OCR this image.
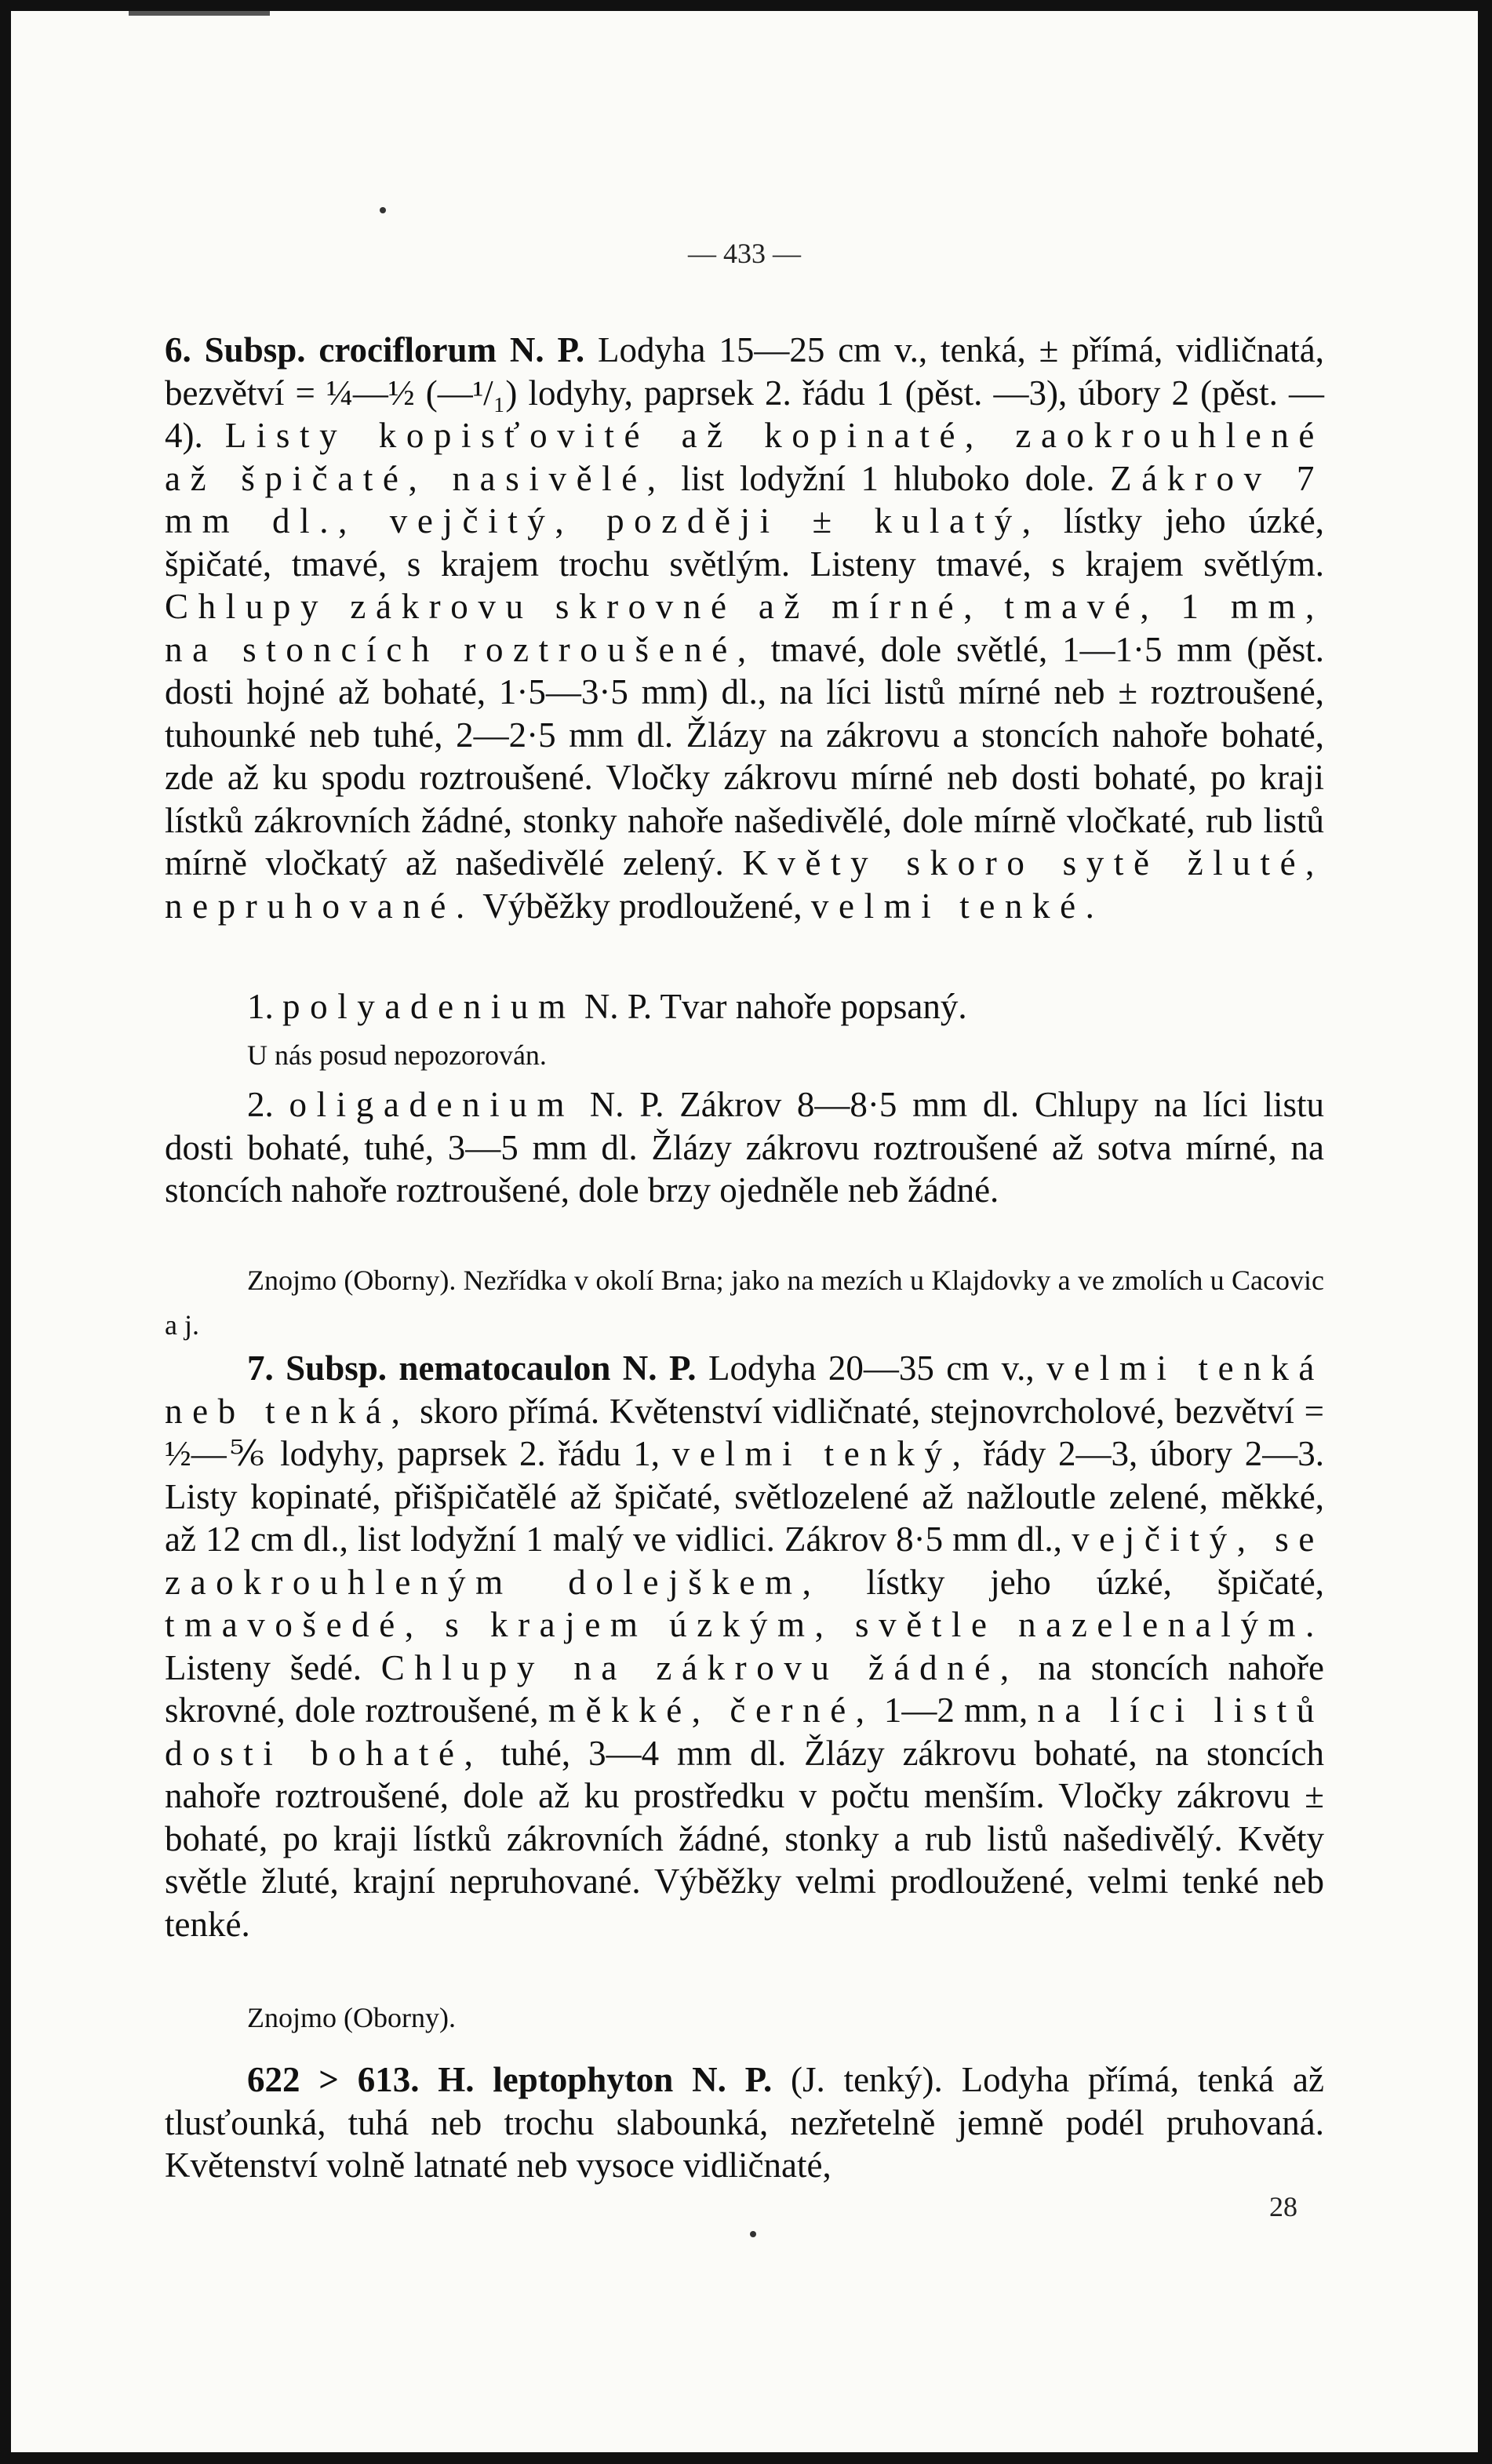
— 433 —

6. Subsp. crociflorum N. P. Lodyha 15—25 cm v., tenká, ± přímá, vidličnatá, bezvětví = ¼—½ (—¹/₁) lodyhy, paprsek 2. řádu 1 (pěst. —3), úbory 2 (pěst. —4). Listy kopisťovité až kopinaté, zaokrouhlené až špičaté, nasivělé, list lodyžní 1 hluboko dole. Zákrov 7 mm dl., vejčitý, později ± kulatý, lístky jeho úzké, špičaté, tmavé, s krajem trochu světlým. Listeny tmavé, s krajem světlým. Chlupy zákrovu skrovné až mírné, tmavé, 1 mm, na stoncích roztroušené, tmavé, dole světlé, 1—1·5 mm (pěst. dosti hojné až bohaté, 1·5—3·5 mm) dl., na líci listů mírné neb ± roztroušené, tuhounké neb tuhé, 2—2·5 mm dl. Žlázy na zákrovu a stoncích nahoře bohaté, zde až ku spodu roztroušené. Vločky zákrovu mírné neb dosti bohaté, po kraji lístků zákrovních žádné, stonky nahoře našedivělé, dole mírně vločkaté, rub listů mírně vločkatý až našedivělé zelený. Květy skoro sytě žluté, nepruhované. Výběžky prodloužené, velmi tenké.

1. polyadenium N. P. Tvar nahoře popsaný.

U nás posud nepozorován.

2. oligadenium N. P. Zákrov 8—8·5 mm dl. Chlupy na líci listu dosti bohaté, tuhé, 3—5 mm dl. Žlázy zákrovu roztroušené až sotva mírné, na stoncích nahoře roztroušené, dole brzy ojedněle neb žádné.

Znojmo (Oborny). Nezřídka v okolí Brna; jako na mezích u Klajdovky a ve zmolích u Cacovic a j.

7. Subsp. nematocaulon N. P. Lodyha 20—35 cm v., velmi tenká neb tenká, skoro přímá. Květenství vidličnaté, stejnovrcholové, bezvětví = ½—⅚ lodyhy, paprsek 2. řádu 1, velmi tenký, řády 2—3, úbory 2—3. Listy kopinaté, přišpičatělé až špičaté, světlozelené až nažloutle zelené, měkké, až 12 cm dl., list lodyžní 1 malý ve vidlici. Zákrov 8·5 mm dl., vejčitý, se zaokrouhleným dolejškem, lístky jeho úzké, špičaté, tmavošedé, s krajem úzkým, světle nazelenalým. Listeny šedé. Chlupy na zákrovu žádné, na stoncích nahoře skrovné, dole roztroušené, měkké, černé, 1—2 mm, na líci listů dosti bohaté, tuhé, 3—4 mm dl. Žlázy zákrovu bohaté, na stoncích nahoře roztroušené, dole až ku prostředku v počtu menším. Vločky zákrovu ± bohaté, po kraji lístků zákrovních žádné, stonky a rub listů našedivělý. Květy světle žluté, krajní nepruhované. Výběžky velmi prodloužené, velmi tenké neb tenké.

Znojmo (Oborny).

622 > 613. H. leptophyton N. P. (J. tenký). Lodyha přímá, tenká až tlusťounká, tuhá neb trochu slabounká, nezřetelně jemně podél pruhovaná. Květenství volně latnaté neb vysoce vidličnaté,

28
